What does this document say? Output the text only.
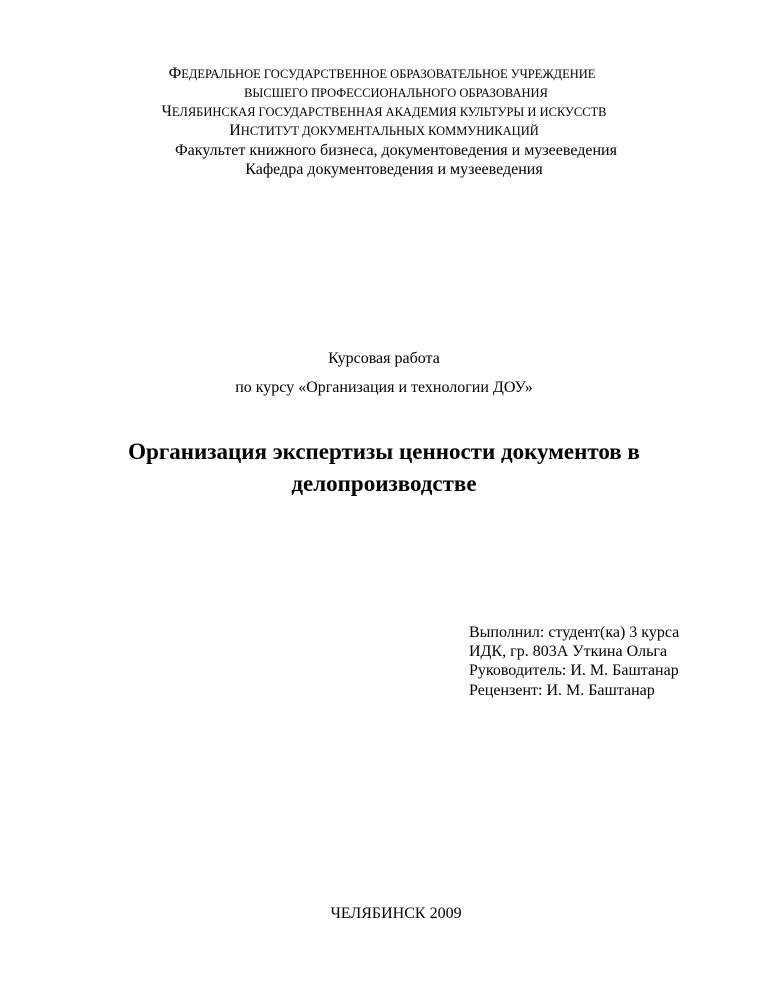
ФЕДЕРАЛЬНОЕ ГОСУДАРСТВЕННОЕ ОБРАЗОВАТЕЛЬНОЕ УЧРЕЖДЕНИЕ
ВЫСШЕГО ПРОФЕССИОНАЛЬНОГО ОБРАЗОВАНИЯ
ЧЕЛЯБИНСКАЯ ГОСУДАРСТВЕННАЯ АКАДЕМИЯ КУЛЬТУРЫ И ИСКУССТВ
ИНСТИТУТ ДОКУМЕНТАЛЬНЫХ КОММУНИКАЦИЙ
Факультет книжного бизнеса, документоведения и музееведения
Кафедра документоведения и музееведения
Курсовая работа
по курсу «Организация и технологии ДОУ»
Организация экспертизы ценности документов в
делопроизводстве
Выполнил: студент(ка) 3 курса
ИДК, гр. 803А Уткина Ольга
Руководитель: И. М. Баштанар
Рецензент: И. М. Баштанар
ЧЕЛЯБИНСК 2009
